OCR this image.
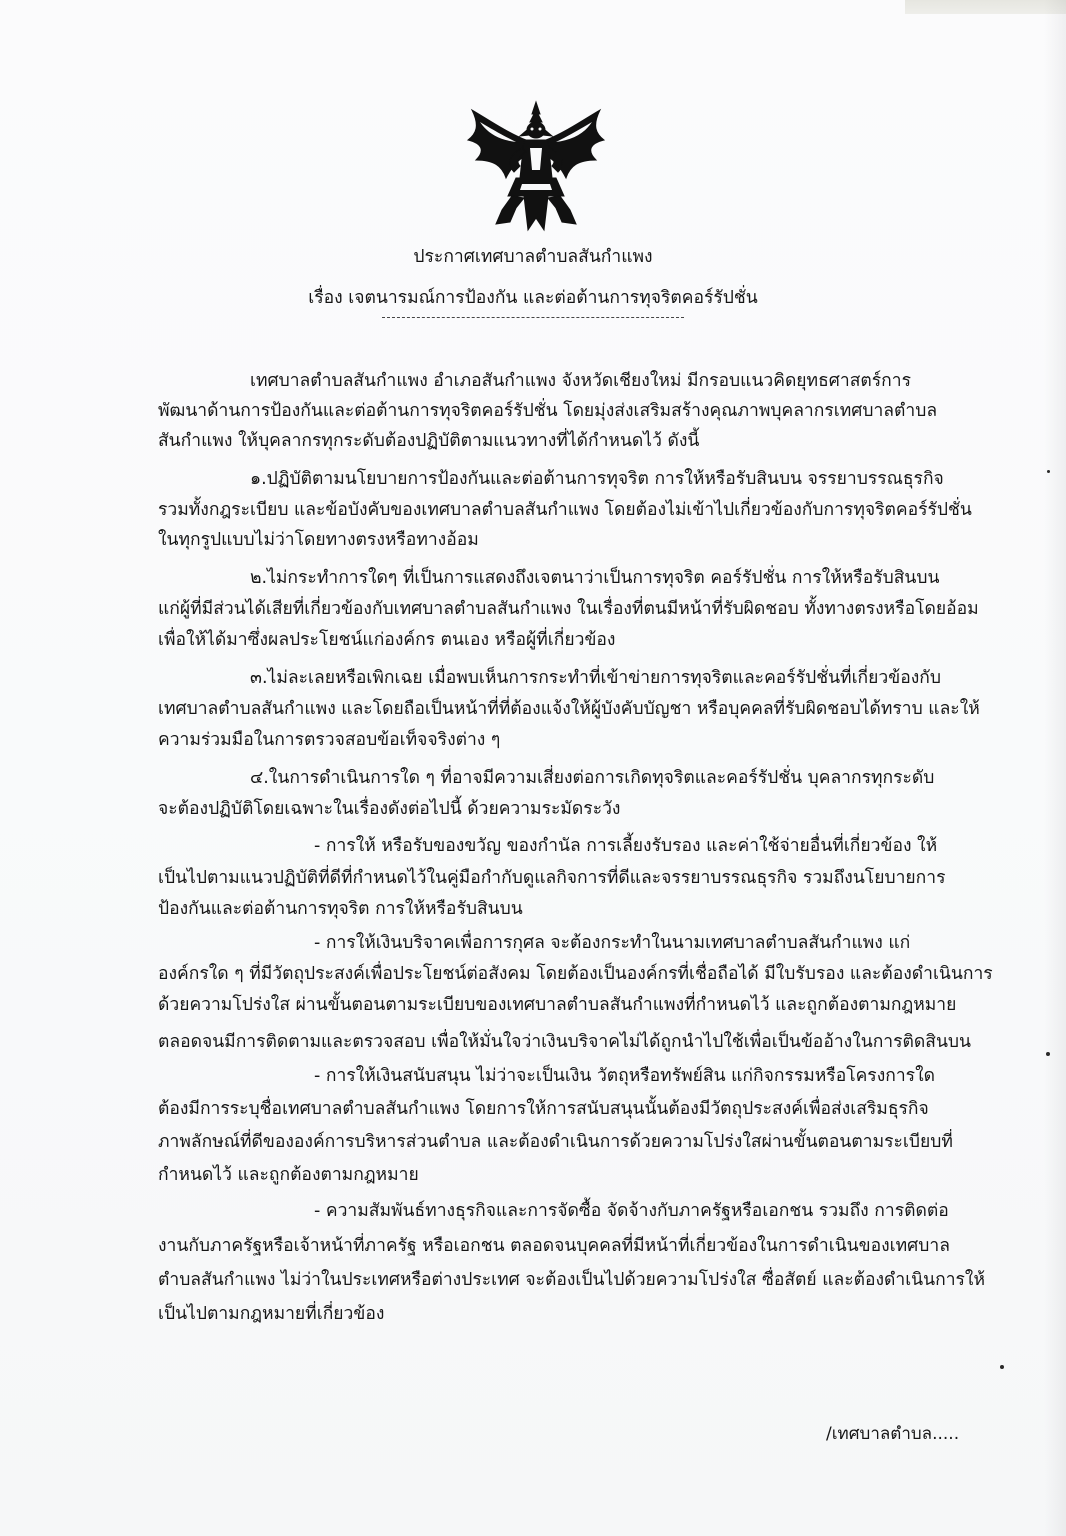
ประกาศเทศบาลตำบลสันกำแพง
เรื่อง เจตนารมณ์การป้องกัน และต่อต้านการทุจริตคอร์รัปชั่น
เทศบาลตำบลสันกำแพง อำเภอสันกำแพง จังหวัดเชียงใหม่ มีกรอบแนวคิดยุทธศาสตร์การ
พัฒนาด้านการป้องกันและต่อต้านการทุจริตคอร์รัปชั่น โดยมุ่งส่งเสริมสร้างคุณภาพบุคลากรเทศบาลตำบล
สันกำแพง ให้บุคลากรทุกระดับต้องปฏิบัติตามแนวทางที่ได้กำหนดไว้ ดังนี้
๑.ปฏิบัติตามนโยบายการป้องกันและต่อต้านการทุจริต การให้หรือรับสินบน จรรยาบรรณธุรกิจ
รวมทั้งกฎระเบียบ และข้อบังคับของเทศบาลตำบลสันกำแพง โดยต้องไม่เข้าไปเกี่ยวข้องกับการทุจริตคอร์รัปชั่น
ในทุกรูปแบบไม่ว่าโดยทางตรงหรือทางอ้อม
๒.ไม่กระทำการใดๆ ที่เป็นการแสดงถึงเจตนาว่าเป็นการทุจริต คอร์รัปชั่น การให้หรือรับสินบน
แก่ผู้ที่มีส่วนได้เสียที่เกี่ยวข้องกับเทศบาลตำบลสันกำแพง ในเรื่องที่ตนมีหน้าที่รับผิดชอบ ทั้งทางตรงหรือโดยอ้อม
เพื่อให้ได้มาซึ่งผลประโยชน์แก่องค์กร ตนเอง หรือผู้ที่เกี่ยวข้อง
๓.ไม่ละเลยหรือเพิกเฉย เมื่อพบเห็นการกระทำที่เข้าข่ายการทุจริตและคอร์รัปชั่นที่เกี่ยวข้องกับ
เทศบาลตำบลสันกำแพง และโดยถือเป็นหน้าที่ที่ต้องแจ้งให้ผู้บังคับบัญชา หรือบุคคลที่รับผิดชอบได้ทราบ และให้
ความร่วมมือในการตรวจสอบข้อเท็จจริงต่าง ๆ
๔.ในการดำเนินการใด ๆ ที่อาจมีความเสี่ยงต่อการเกิดทุจริตและคอร์รัปชั่น บุคลากรทุกระดับ
จะต้องปฏิบัติโดยเฉพาะในเรื่องดังต่อไปนี้ ด้วยความระมัดระวัง
- การให้ หรือรับของขวัญ ของกำนัล การเลี้ยงรับรอง และค่าใช้จ่ายอื่นที่เกี่ยวข้อง ให้
เป็นไปตามแนวปฏิบัติที่ดีที่กำหนดไว้ในคู่มือกำกับดูแลกิจการที่ดีและจรรยาบรรณธุรกิจ รวมถึงนโยบายการ
ป้องกันและต่อต้านการทุจริต การให้หรือรับสินบน
- การให้เงินบริจาคเพื่อการกุศล จะต้องกระทำในนามเทศบาลตำบลสันกำแพง แก่
องค์กรใด ๆ ที่มีวัตถุประสงค์เพื่อประโยชน์ต่อสังคม โดยต้องเป็นองค์กรที่เชื่อถือได้ มีใบรับรอง และต้องดำเนินการ
ด้วยความโปร่งใส ผ่านขั้นตอนตามระเบียบของเทศบาลตำบลสันกำแพงที่กำหนดไว้ และถูกต้องตามกฎหมาย
ตลอดจนมีการติดตามและตรวจสอบ เพื่อให้มั่นใจว่าเงินบริจาคไม่ได้ถูกนำไปใช้เพื่อเป็นข้ออ้างในการติดสินบน
- การให้เงินสนับสนุน ไม่ว่าจะเป็นเงิน วัตถุหรือทรัพย์สิน แก่กิจกรรมหรือโครงการใด
ต้องมีการระบุชื่อเทศบาลตำบลสันกำแพง โดยการให้การสนับสนุนนั้นต้องมีวัตถุประสงค์เพื่อส่งเสริมธุรกิจ
ภาพลักษณ์ที่ดีขององค์การบริหารส่วนตำบล และต้องดำเนินการด้วยความโปร่งใสผ่านขั้นตอนตามระเบียบที่
กำหนดไว้ และถูกต้องตามกฎหมาย
- ความสัมพันธ์ทางธุรกิจและการจัดซื้อ จัดจ้างกับภาครัฐหรือเอกชน รวมถึง การติดต่อ
งานกับภาครัฐหรือเจ้าหน้าที่ภาครัฐ หรือเอกชน ตลอดจนบุคคลที่มีหน้าที่เกี่ยวข้องในการดำเนินของเทศบาล
ตำบลสันกำแพง ไม่ว่าในประเทศหรือต่างประเทศ จะต้องเป็นไปด้วยความโปร่งใส ซื่อสัตย์ และต้องดำเนินการให้
เป็นไปตามกฎหมายที่เกี่ยวข้อง
/เทศบาลตำบล.....
